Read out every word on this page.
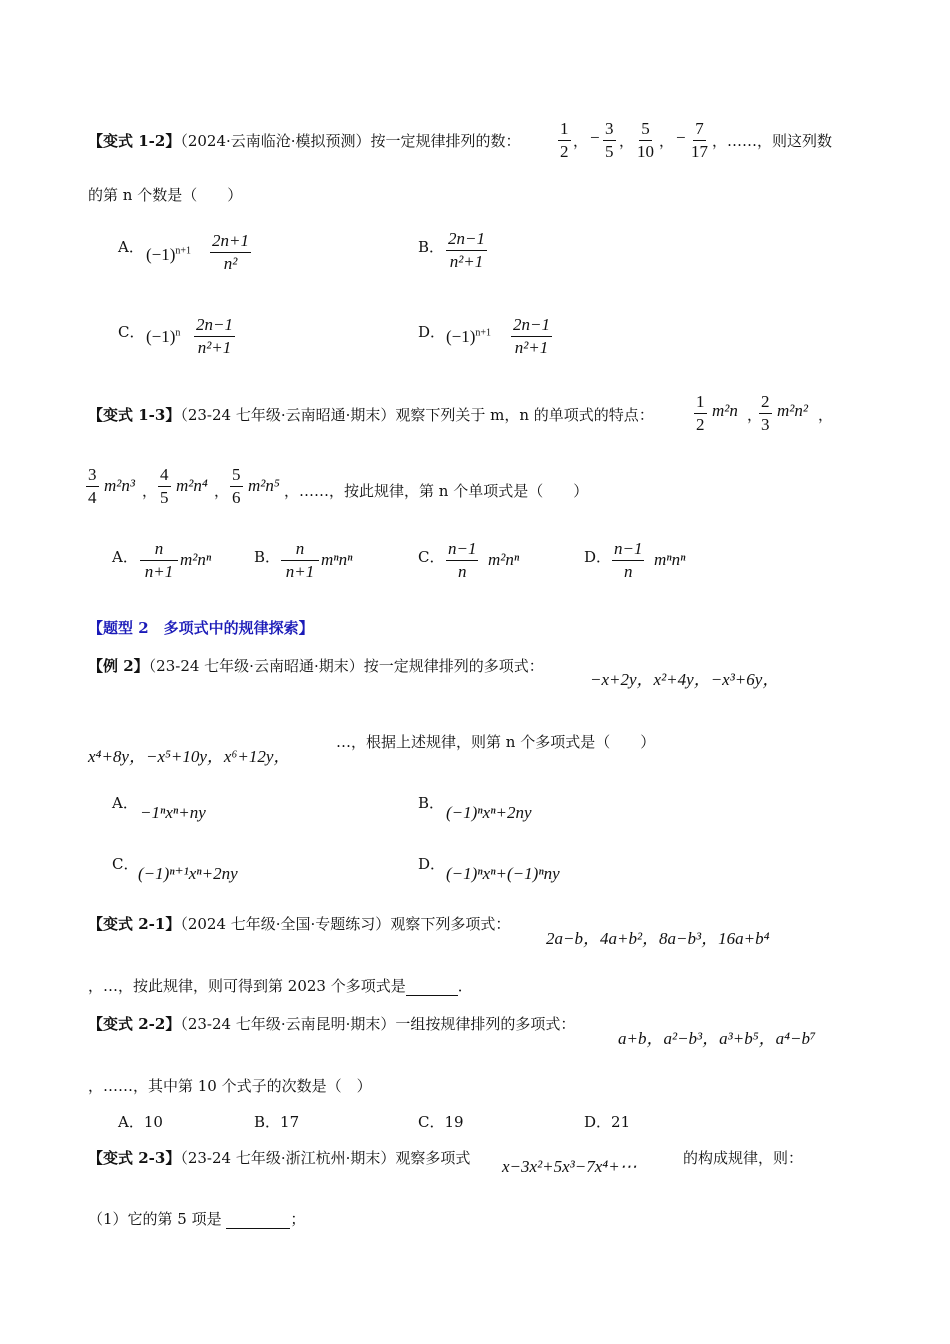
【变式 1-2】（2024·云南临沧·模拟预测）按一定规律排列的数：
1
2
， − 3
5
，
5
10
， − 7
17
，……，则这列数
的第 n 个数是（　　）
A． $(-1)^{n+1}$
2n+1
n²
B． 2n−1
n²+1
C． $(-1)^n$ 2n−1
n²+1
D． $(-1)^{n+1}$ 2n−1
n²+1
【变式 1-3】（23-24 七年级·云南昭通·期末）观察下列关于 m，n 的单项式的特点：
1
2
m²n ，
2
3
m²n² ，
3
4
m²n³ ，
4
5
m²n⁴ ，
5
6
m²n⁵ ，……，按此规律，第 n 个单项式是（　　）
A． n
n+1
m²nⁿ	B． n
n+1
mⁿnⁿ	C． n−1
n
m²nⁿ	D． n−1
n
mⁿnⁿ
【题型 2　多项式中的规律探索】
【例 2】（23-24 七年级·云南昭通·期末）按一定规律排列的多项式：
−x+2y，x²+4y，−x³+6y，
x⁴+8y，−x⁵+10y，x⁶+12y，
…，根据上述规律，则第 n 个多项式是（　　）
A． −1ⁿxⁿ+ny	B． (−1)ⁿxⁿ+2ny
C． (−1)ⁿ⁺¹xⁿ+2ny	D． (−1)ⁿxⁿ+(−1)ⁿny
【变式 2-1】（2024 七年级·全国·专题练习）观察下列多项式：
2a−b，4a+b²，8a−b³，16a+b⁴
，…，按此规律，则可得到第 2023 个多项式是	．
【变式 2-2】（23-24 七年级·云南昆明·期末）一组按规律排列的多项式：
a+b，a²−b³，a³+b⁵，a⁴−b⁷
，……，其中第 10 个式子的次数是（　）
A．10	B．17	C．19	D．21
【变式 2-3】（23-24 七年级·浙江杭州·期末）观察多项式 x−3x²+5x³−7x⁴+⋯	的构成规律，则：
（1）它的第 5 项是	；
